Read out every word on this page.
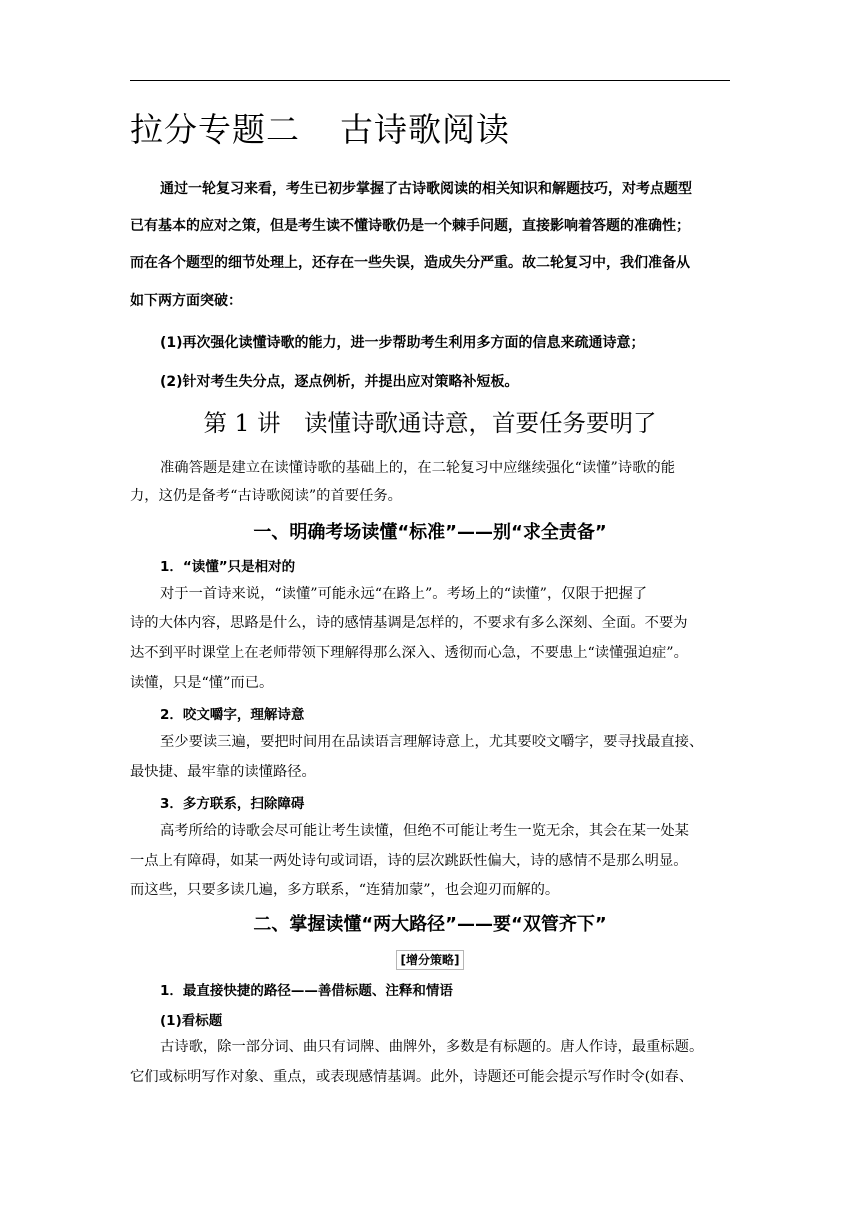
拉分专题二 古诗歌阅读
通过一轮复习来看，考生已初步掌握了古诗歌阅读的相关知识和解题技巧，对考点题型
已有基本的应对之策，但是考生读不懂诗歌仍是一个棘手问题，直接影响着答题的准确性；
而在各个题型的细节处理上，还存在一些失误，造成失分严重。故二轮复习中，我们准备从
如下两方面突破：
(1)再次强化读懂诗歌的能力，进一步帮助考生利用多方面的信息来疏通诗意；
(2)针对考生失分点，逐点例析，并提出应对策略补短板。
第 1 讲　读懂诗歌通诗意，首要任务要明了
准确答题是建立在读懂诗歌的基础上的，在二轮复习中应继续强化“读懂”诗歌的能
力，这仍是备考“古诗歌阅读”的首要任务。
一、明确考场读懂“标准”——别“求全责备”
1．“读懂”只是相对的
对于一首诗来说，“读懂”可能永远“在路上”。考场上的“读懂”，仅限于把握了
诗的大体内容，思路是什么，诗的感情基调是怎样的，不要求有多么深刻、全面。不要为
达不到平时课堂上在老师带领下理解得那么深入、透彻而心急，不要患上“读懂强迫症”。
读懂，只是“懂”而已。
2．咬文嚼字，理解诗意
至少要读三遍，要把时间用在品读语言理解诗意上，尤其要咬文嚼字，要寻找最直接、
最快捷、最牢靠的读懂路径。
3．多方联系，扫除障碍
高考所给的诗歌会尽可能让考生读懂，但绝不可能让考生一览无余，其会在某一处某
一点上有障碍，如某一两处诗句或词语，诗的层次跳跃性偏大，诗的感情不是那么明显。
而这些，只要多读几遍，多方联系，“连猜加蒙”，也会迎刃而解的。
二、掌握读懂“两大路径”——要“双管齐下”
[增分策略]
1．最直接快捷的路径——善借标题、注释和情语
(1)看标题
古诗歌，除一部分词、曲只有词牌、曲牌外，多数是有标题的。唐人作诗，最重标题。
它们或标明写作对象、重点，或表现感情基调。此外，诗题还可能会提示写作时令(如春、
